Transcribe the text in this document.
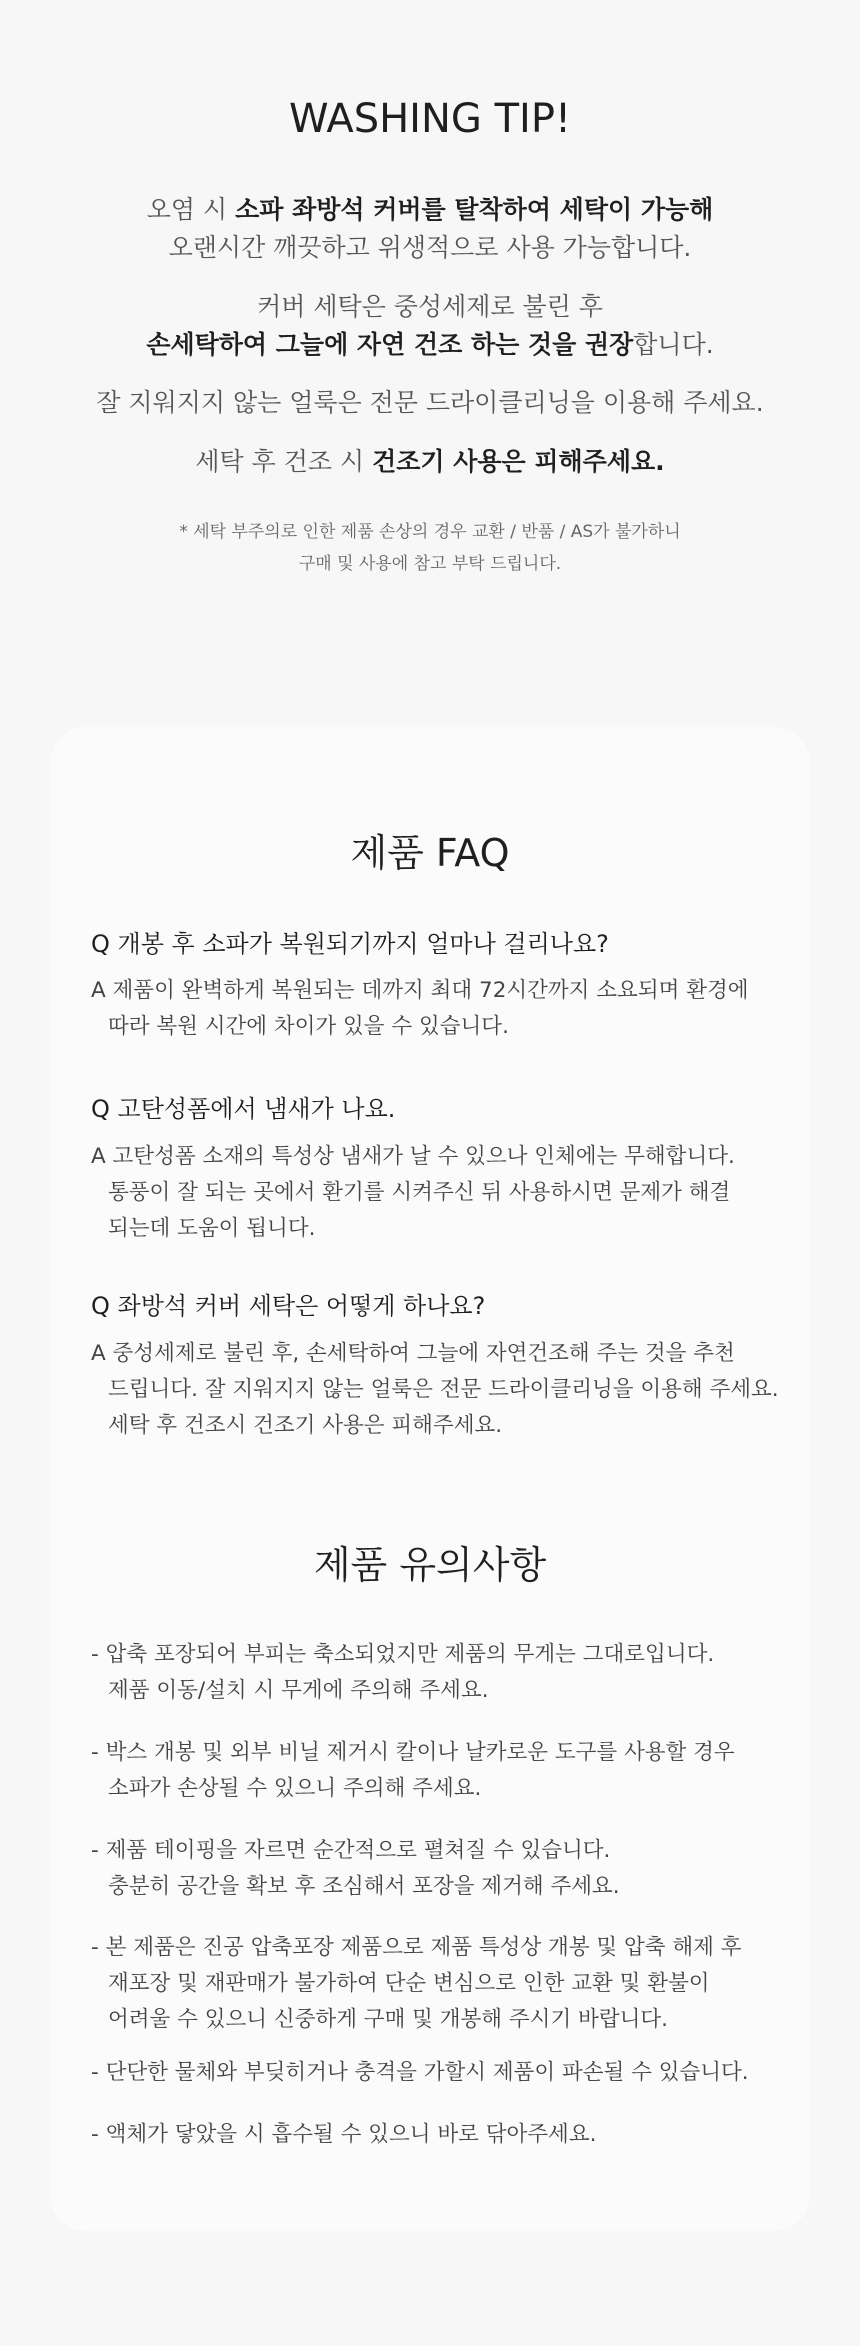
WASHING TIP!
오염 시 소파 좌방석 커버를 탈착하여 세탁이 가능해
오랜시간 깨끗하고 위생적으로 사용 가능합니다.
커버 세탁은 중성세제로 불린 후
손세탁하여 그늘에 자연 건조 하는 것을 권장합니다.
잘 지워지지 않는 얼룩은 전문 드라이클리닝을 이용해 주세요.
세탁 후 건조 시 건조기 사용은 피해주세요.
* 세탁 부주의로 인한 제품 손상의 경우 교환 / 반품 / AS가 불가하니
구매 및 사용에 참고 부탁 드립니다.
제품 FAQ
Q 개봉 후 소파가 복원되기까지 얼마나 걸리나요?
A 제품이 완벽하게 복원되는 데까지 최대 72시간까지 소요되며 환경에
따라 복원 시간에 차이가 있을 수 있습니다.
Q 고탄성폼에서 냄새가 나요.
A 고탄성폼 소재의 특성상 냄새가 날 수 있으나 인체에는 무해합니다.
통풍이 잘 되는 곳에서 환기를 시켜주신 뒤 사용하시면 문제가 해결
되는데 도움이 됩니다.
Q 좌방석 커버 세탁은 어떻게 하나요?
A 중성세제로 불린 후, 손세탁하여 그늘에 자연건조해 주는 것을 추천
드립니다. 잘 지워지지 않는 얼룩은 전문 드라이클리닝을 이용해 주세요.
세탁 후 건조시 건조기 사용은 피해주세요.
제품 유의사항
- 압축 포장되어 부피는 축소되었지만 제품의 무게는 그대로입니다.
제품 이동/설치 시 무게에 주의해 주세요.
- 박스 개봉 및 외부 비닐 제거시 칼이나 날카로운 도구를 사용할 경우
소파가 손상될 수 있으니 주의해 주세요.
- 제품 테이핑을 자르면 순간적으로 펼쳐질 수 있습니다.
충분히 공간을 확보 후 조심해서 포장을 제거해 주세요.
- 본 제품은 진공 압축포장 제품으로 제품 특성상 개봉 및 압축 해제 후
재포장 및 재판매가 불가하여 단순 변심으로 인한 교환 및 환불이
어려울 수 있으니 신중하게 구매 및 개봉해 주시기 바랍니다.
- 단단한 물체와 부딪히거나 충격을 가할시 제품이 파손될 수 있습니다.
- 액체가 닿았을 시 흡수될 수 있으니 바로 닦아주세요.
